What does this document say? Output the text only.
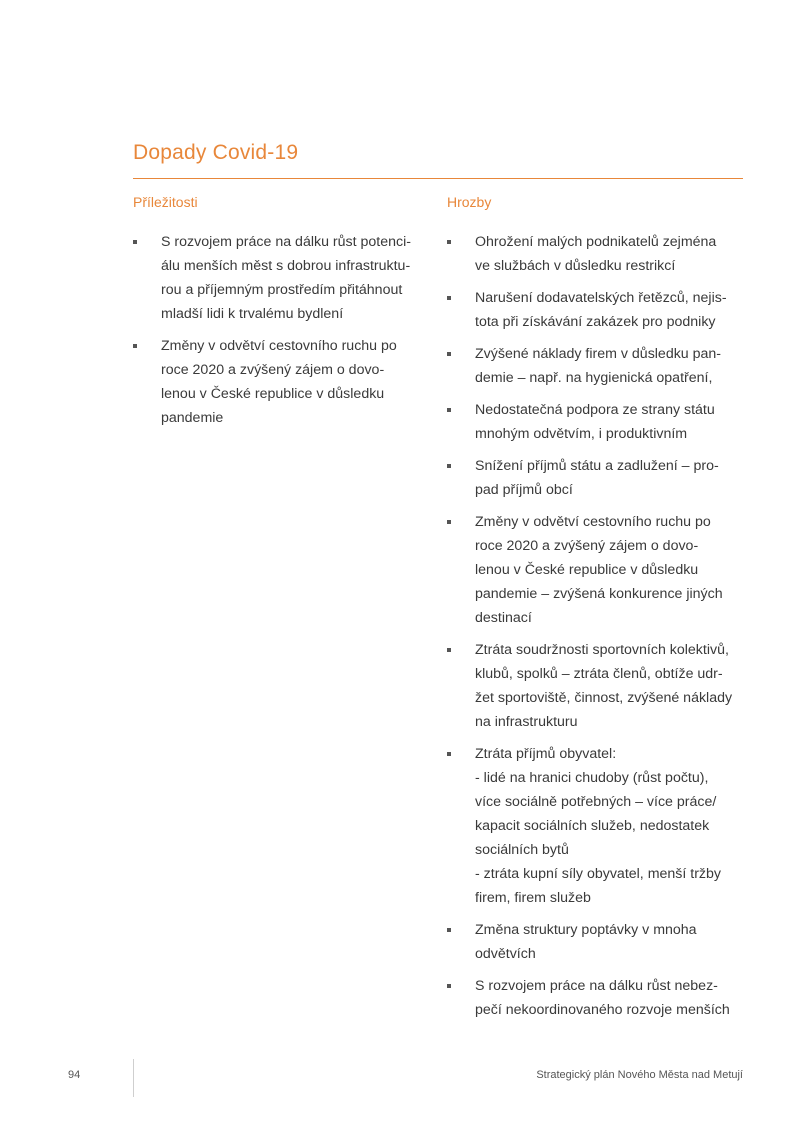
Dopady Covid-19
Příležitosti	Hrozby
S rozvojem práce na dálku růst potenci-
álu menších měst s dobrou infrastruktu-
rou a příjemným prostředím přitáhnout
mladší lidi k trvalému bydlení
Změny v odvětví cestovního ruchu po
roce 2020 a zvýšený zájem o dovo-
lenou v České republice v důsledku
pandemie
Ohrožení malých podnikatelů zejména
ve službách v důsledku restrikcí
Narušení dodavatelských řetězců, nejis-
tota při získávání zakázek pro podniky
Zvýšené náklady firem v důsledku pan-
demie – např. na hygienická opatření,
Nedostatečná podpora ze strany státu
mnohým odvětvím, i produktivním
Snížení příjmů státu a zadlužení – pro-
pad příjmů obcí
Změny v odvětví cestovního ruchu po
roce 2020 a zvýšený zájem o dovo-
lenou v České republice v důsledku
pandemie – zvýšená konkurence jiných
destinací
Ztráta soudržnosti sportovních kolektivů,
klubů, spolků – ztráta členů, obtíže udr-
žet sportoviště, činnost, zvýšené náklady
na infrastrukturu
Ztráta příjmů obyvatel:
- lidé na hranici chudoby (růst počtu),
více sociálně potřebných – více práce/
kapacit sociálních služeb, nedostatek
sociálních bytů
- ztráta kupní síly obyvatel, menší tržby
firem, firem služeb
Změna struktury poptávky v mnoha
odvětvích
S rozvojem práce na dálku růst nebez-
pečí nekoordinovaného rozvoje menších
94	Strategický plán Nového Města nad Metují
